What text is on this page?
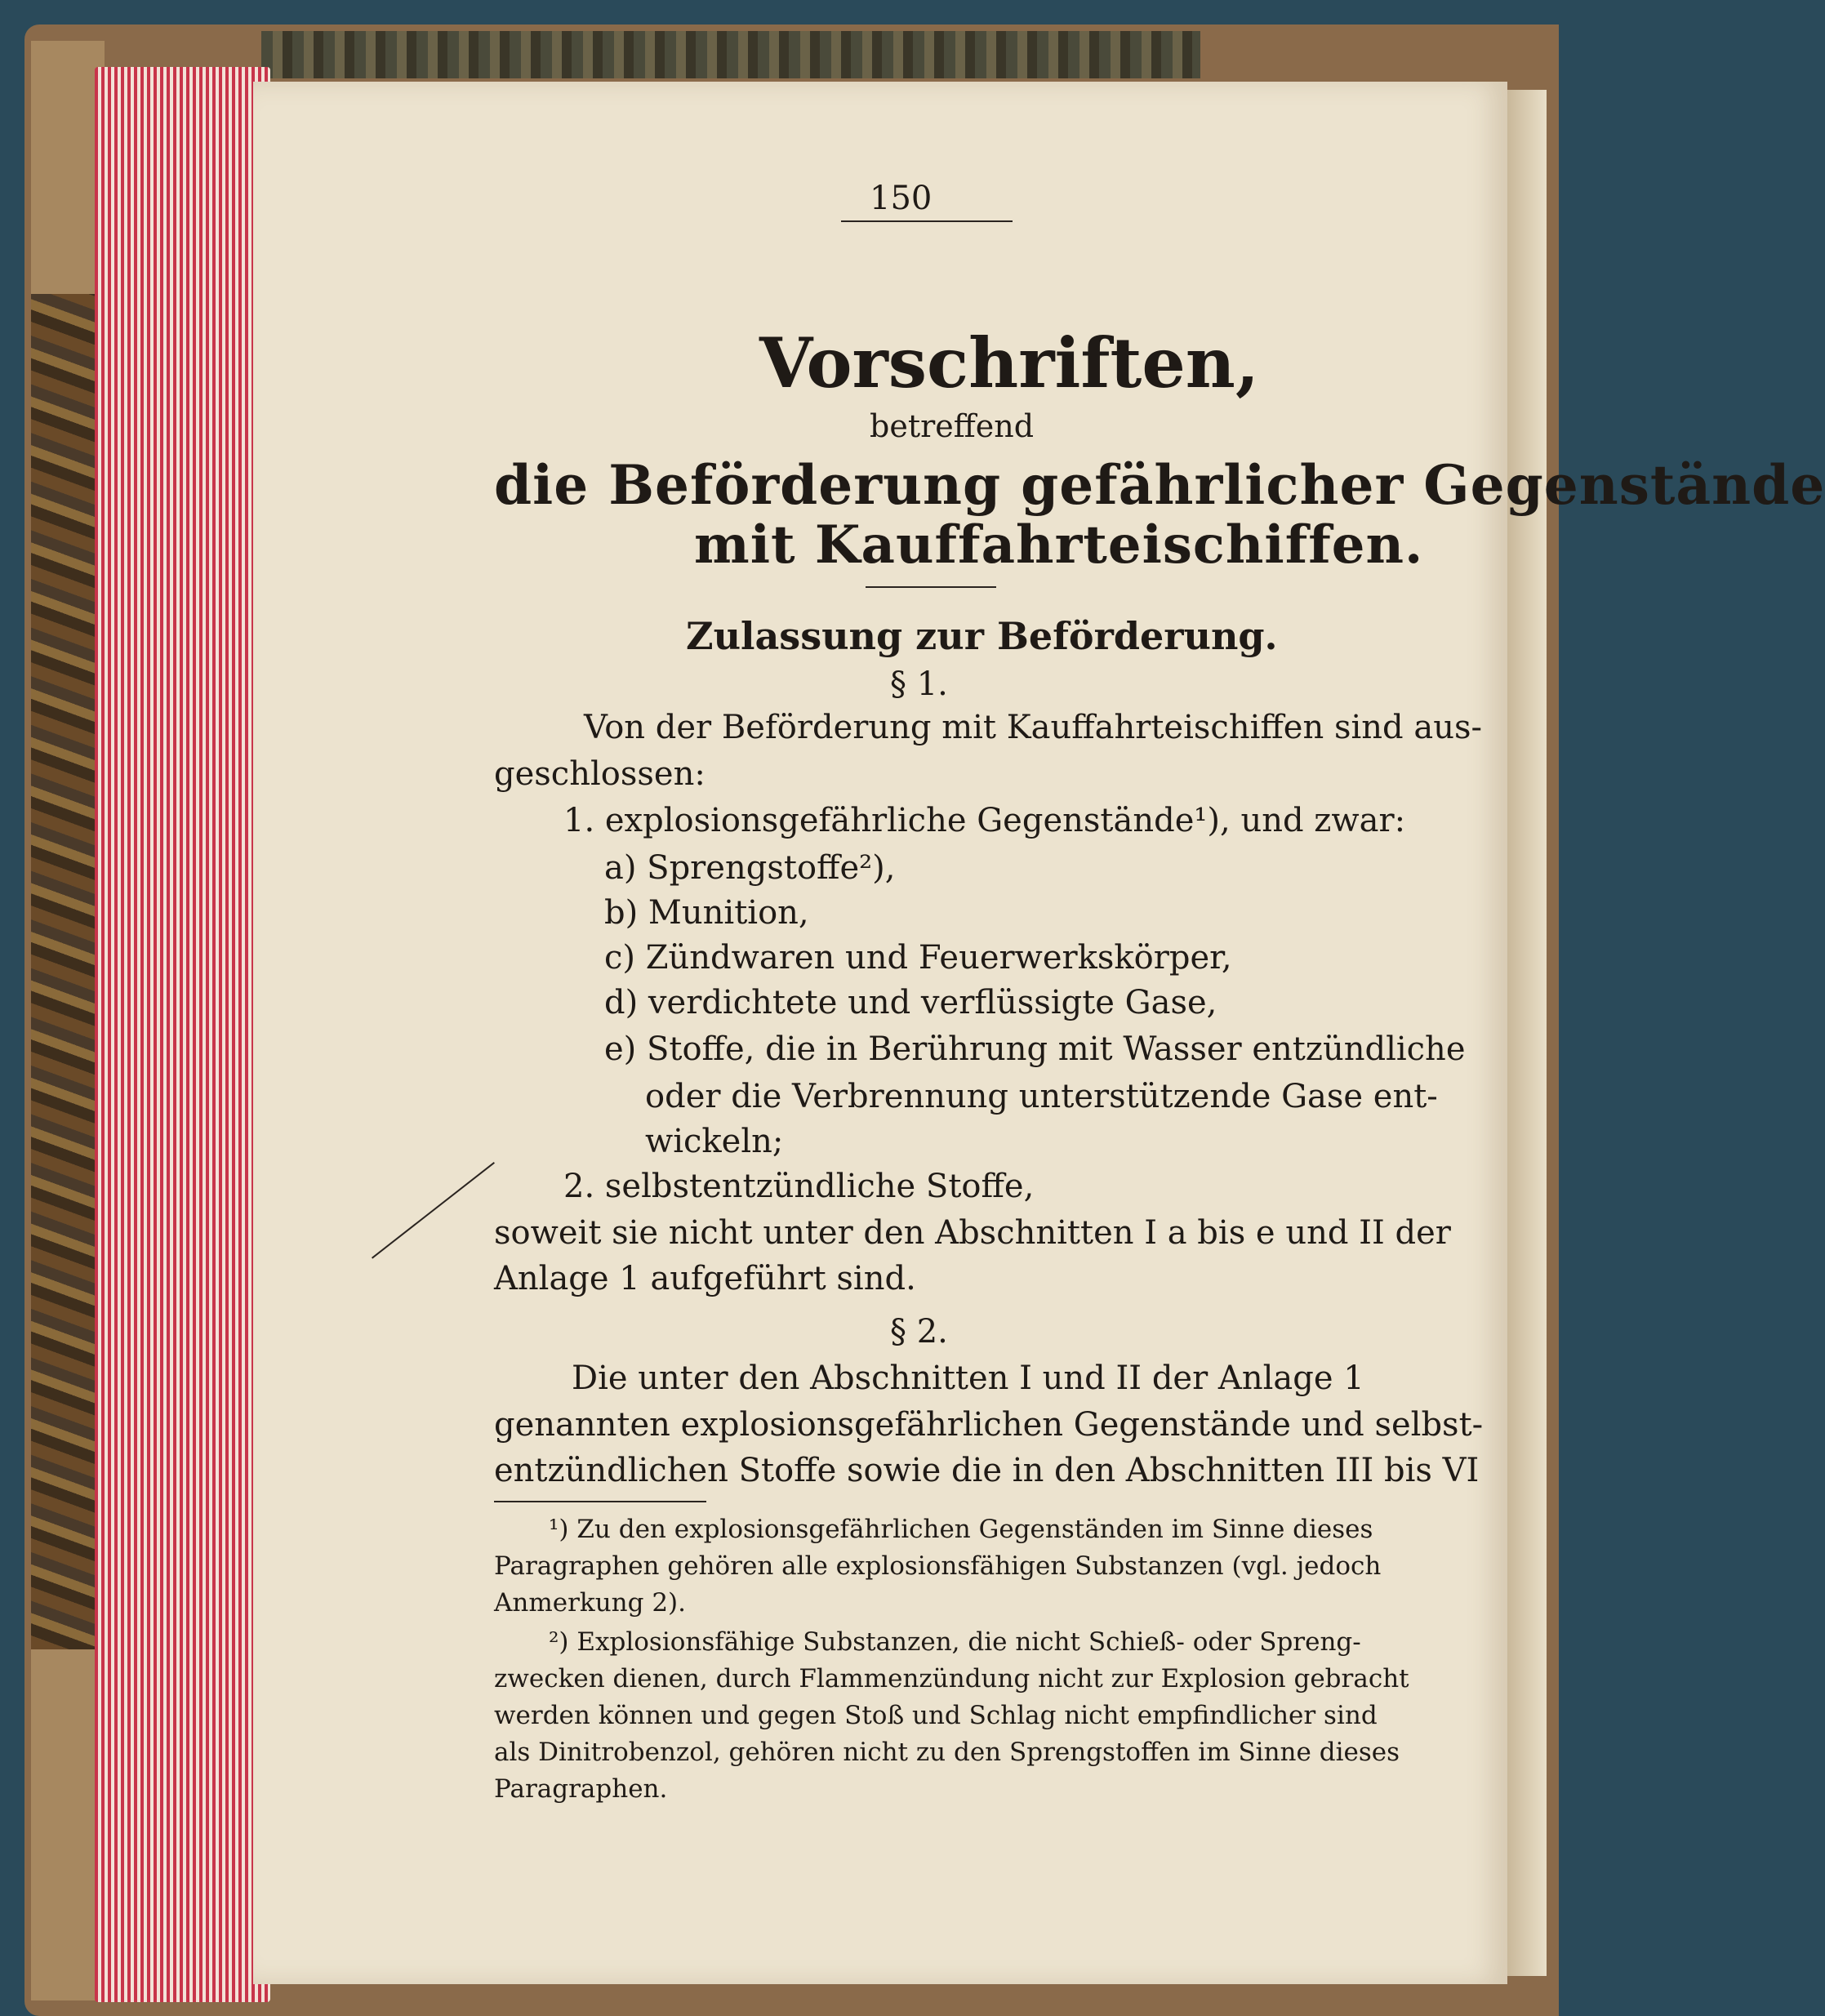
150
Vorschriften,
betreffend
die Beförderung gefährlicher Gegenstände
mit Kauffahrteischiffen.
Zulassung zur Beförderung.
§ 1.
Von der Beförderung mit Kauffahrteischiffen sind aus-
geschlossen:
1. explosionsgefährliche Gegenstände¹), und zwar:
a) Sprengstoffe²),
b) Munition,
c) Zündwaren und Feuerwerkskörper,
d) verdichtete und verflüssigte Gase,
e) Stoffe, die in Berührung mit Wasser entzündliche
oder die Verbrennung unterstützende Gase ent-
wickeln;
2. selbstentzündliche Stoffe,
soweit sie nicht unter den Abschnitten I a bis e und II der
Anlage 1 aufgeführt sind.
§ 2.
Die unter den Abschnitten I und II der Anlage 1
genannten explosionsgefährlichen Gegenstände und selbst-
entzündlichen Stoffe sowie die in den Abschnitten III bis VI
¹) Zu den explosionsgefährlichen Gegenständen im Sinne dieses
Paragraphen gehören alle explosionsfähigen Substanzen (vgl. jedoch
Anmerkung 2).
²) Explosionsfähige Substanzen, die nicht Schieß- oder Spreng-
zwecken dienen, durch Flammenzündung nicht zur Explosion gebracht
werden können und gegen Stoß und Schlag nicht empfindlicher sind
als Dinitrobenzol, gehören nicht zu den Sprengstoffen im Sinne dieses
Paragraphen.
